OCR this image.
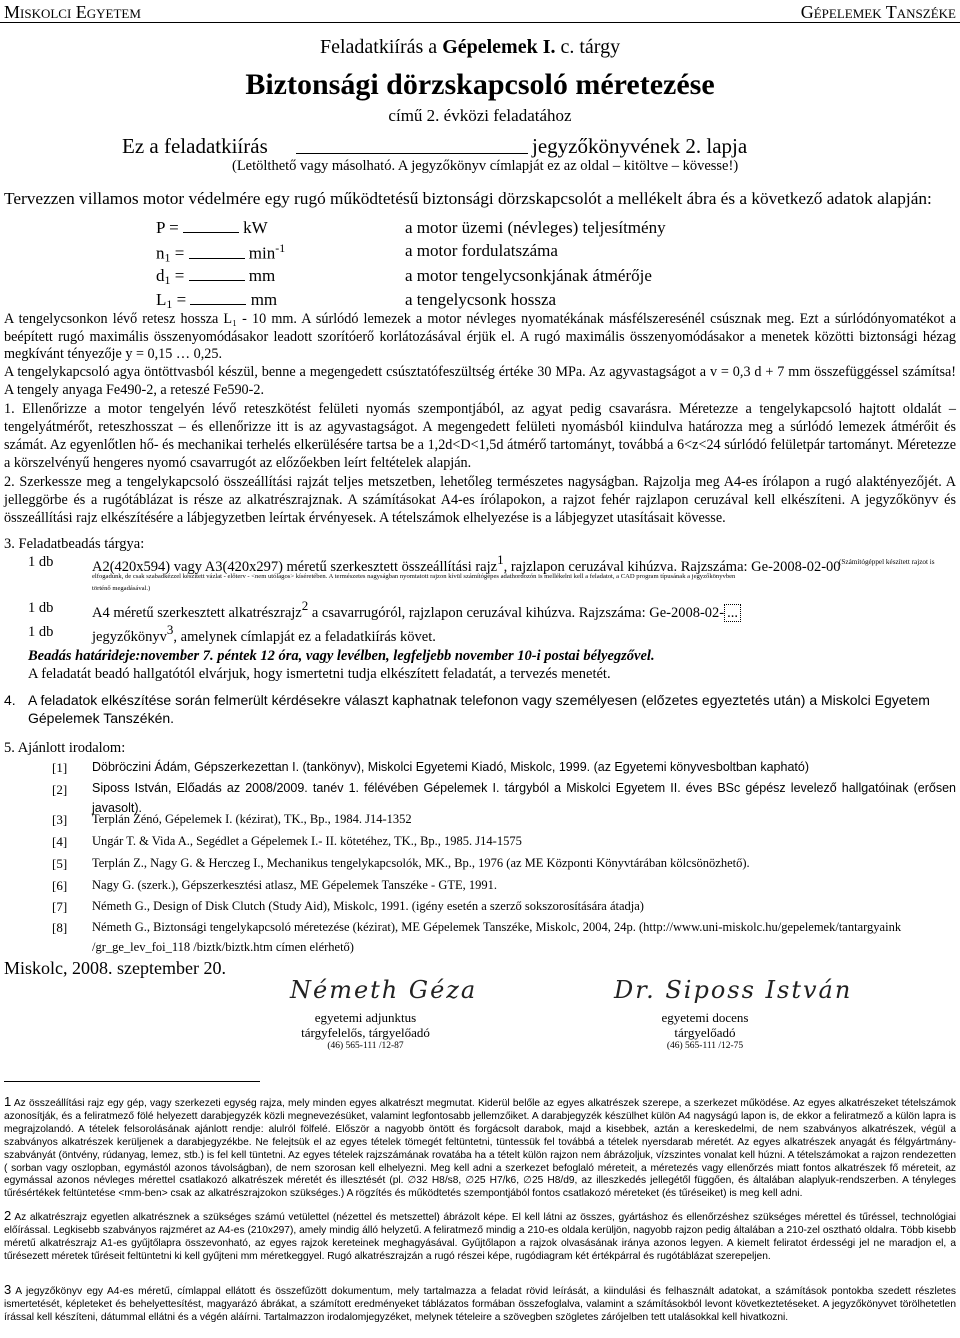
Miskolci Egyetem	Gépelemek Tanszéke
Feladatkiírás a Gépelemek I. c. tárgy
Biztonsági dörzskapcsoló méretezése
című 2. évközi feladatához
Ez a feladatkiírás	jegyzőkönyvének 2. lapja
(Letölthető vagy másolható. A jegyzőkönyv címlapját ez az oldal – kitöltve – kövesse!)
Tervezzen villamos motor védelmére egy rugó működtetésű biztonsági dörzskapcsolót a mellékelt ábra és a következő adatok alapján:
P =	kW	a motor üzemi (névleges) teljesítmény
$n_1$ =	$\min^{-1}$	a motor fordulatszáma
$d_1$ =	mm	a motor tengelycsonkjának átmérője
$L_1$ =	mm	a tengelycsonk hossza
A tengelycsonkon lévő retesz hossza L₁ - 10 mm. A súrlódó lemezek a motor névleges nyomatékának másfélszeresénél csúsznak meg. Ezt a súrlódónyomatékot a
beépített rugó maximális összenyomódásakor leadott szorítóerő korlátozásával érjük el. A rugó maximális összenyomódásakor a menetek közötti biztonsági hézag
megkívánt tényezője y = 0,15 … 0,25.
A tengelykapcsoló agya öntöttvasból készül, benne a megengedett csúsztatófeszültség értéke 30 MPa. Az agyvastagságot a v = 0,3 d + 7 mm összefüggéssel számítsa!
A tengely anyaga Fe490-2, a reteszé Fe590-2.
1. Ellenőrizze a motor tengelyén lévő reteszkötést felületi nyomás szempontjából, az agyat pedig csavarásra. Méretezze a tengelykapcsoló hajtott oldalát –
tengelyátmérőt, reteszhosszat – és ellenőrizze itt is az agyvastagságot. A megengedett felületi nyomásból kiindulva határozza meg a súrlódó lemezek átmérőit és
számát. Az egyenlőtlen hő- és mechanikai terhelés elkerülésére tartsa be a 1,2d<D<1,5d átmérő tartományt, továbbá a 6<z<24 súrlódó felületpár tartományt. Méretezze
a körszelvényű hengeres nyomó csavarrugót az előzőekben leírt feltételek alapján.
2. Szerkessze meg a tengelykapcsoló összeállítási rajzát teljes metszetben, lehetőleg természetes nagyságban. Rajzolja meg A4-es írólapon a rugó alaktényezőjét. A
jelleggörbe és a rugótáblázat is része az alkatrészrajznak. A számításokat A4-es írólapokon, a rajzot fehér rajzlapon ceruzával kell elkészíteni. A jegyzőkönyv és
összeállítási rajz elkészítésére a lábjegyzetben leírtak érvényesek. A tételszámok elhelyezése is a lábjegyzet utasításait kövesse.
3. Feladatbeadás tárgya:
1 db	A2(420x594) vagy A3(420x297) méretű szerkesztett összeállítási rajz1, rajzlapon ceruzával kihúzva. Rajzszáma: Ge-2008-02-00
(Számítógéppel készített rajzot is
elfogadunk, de csak szabadkézzel készített vázlat - előterv - <nem utólagos> kíséretében. A természetes nagyságban nyomtatott rajzon kívül számítógépes adathordozón is mellékelni kell a feladatot, a CAD program típusának a jegyzőkönyvben
történő megadásával.)
1 db	A4 méretű szerkesztett alkatrészrajz2 a csavarrugóról, rajzlapon ceruzával kihúzva. Rajzszáma: Ge-2008-02- ...
1 db	jegyzőkönyv3, amelynek címlapját ez a feladatkiírás követ.
Beadás határideje:november 7. péntek 12 óra, vagy levélben, legfeljebb november 10-i postai bélyegzővel.
A feladatát beadó hallgatótól elvárjuk, hogy ismertetni tudja elkészített feladatát, a tervezés menetét.
4. A feladatok elkészítése során felmerült kérdésekre választ kaphatnak telefonon vagy személyesen (előzetes egyeztetés után) a Miskolci Egyetem
Gépelemek Tanszékén.
5. Ajánlott irodalom:
[1] Döbröczini Ádám, Gépszerkezettan I. (tankönyv), Miskolci Egyetemi Kiadó, Miskolc, 1999. (az Egyetemi könyvesboltban kapható)
[2] Siposs István, Előadás az 2008/2009. tanév 1. félévében Gépelemek I. tárgyból a Miskolci Egyetem II. éves BSc gépész levelező hallgatóinak (erősen
javasolt).
[3] Terplán Zénó, Gépelemek I. (kézirat), TK., Bp., 1984. J14-1352
[4] Ungár T. & Vida A., Segédlet a Gépelemek I.- II. kötetéhez, TK., Bp., 1985. J14-1575
[5] Terplán Z., Nagy G. & Herczeg I., Mechanikus tengelykapcsolók, MK., Bp., 1976 (az ME Központi Könyvtárában kölcsönözhető).
[6] Nagy G. (szerk.), Gépszerkesztési atlasz, ME Gépelemek Tanszéke - GTE, 1991.
[7] Németh G., Design of Disk Clutch (Study Aid), Miskolc, 1991. (igény esetén a szerző sokszorosítására átadja)
[8] Németh G., Biztonsági tengelykapcsoló méretezése (kézirat), ME Gépelemek Tanszéke, Miskolc, 2004, 24p. (http://www.uni-miskolc.hu/gepelemek/tantargyaink
/gr_ge_lev_foi_118 /biztk/biztk.htm címen elérhető)
Miskolc, 2008. szeptember 20.
Németh Géza
egyetemi adjunktus
tárgyfelelős, tárgyelőadó
(46) 565-111 /12-87
Dr. Siposs István
egyetemi docens
tárgyelőadó
(46) 565-111 /12-75
1 Az összeállítási rajz egy gép, vagy szerkezeti egység rajza, mely minden egyes alkatrészt megmutat. Kiderül belőle az egyes alkatrészek szerepe, a szerkezet működése. Az egyes alkatrészeket tételszámok azonosítják, és a feliratmező fölé helyezett darabjegyzék közli megnevezésüket, valamint legfontosabb jellemzőiket. A darabjegyzék készülhet külön A4 nagyságú lapon is, de ekkor a feliratmező a külön lapra is megrajzolandó. A tételek felsorolásának ajánlott rendje: alulról fölfelé. Először a nagyobb öntött és forgácsolt darabok, majd a kisebbek, aztán a kereskedelmi, de nem szabványos alkatrészek, végül a szabványos alkatrészek kerüljenek a darabjegyzékbe. Ne felejtsük el az egyes tételek tömegét feltüntetni, tüntessük fel továbbá a tételek nyersdarab méretét. Az egyes alkatrészek anyagát és félgyártmány-szabványát (öntvény, rúdanyag, lemez, stb.) is fel kell tüntetni. Az egyes tételek rajzszámának rovatába ha a tételt külön rajzon nem ábrázoljuk, vízszintes vonalat kell húzni. A tételszámokat a rajzon rendezetten ( sorban vagy oszlopban, egymástól azonos távolságban), de nem szorosan kell elhelyezni. Meg kell adni a szerkezet befoglaló méreteit, a méretezés vagy ellenőrzés miatt fontos alkatrészek fő méreteit, az egymással azonos névleges mérettel csatlakozó alkatrészek méretét és illesztését (pl. ∅32 H8/s8, ∅25 H7/k6, ∅25 H8/d9, az illeszkedés jellegétől függően, és általában alaplyuk-rendszerben. A tényleges tűrésértékek feltüntetése <mm-ben> csak az alkatrészrajzokon szükséges.) A rögzítés és működtetés szempontjából fontos csatlakozó méreteket (és tűréseiket) is meg kell adni.
2 Az alkatrészrajz egyetlen alkatrésznek a szükséges számú vetülettel (nézettel és metszettel) ábrázolt képe. El kell látni az összes, gyártáshoz és ellenőrzéshez szükséges mérettel és tűréssel, technológiai előírással. Legkisebb szabványos rajzméret az A4-es (210x297), amely mindig álló helyzetű. A feliratmező mindig a 210-es oldala kerüljön, nagyobb rajzon pedig általában a 210-zel osztható oldalra. Több kisebb méretű alkatrészrajz A1-es gyűjtőlapra összevonható, az egyes rajzok kereteinek meghagyásával. Gyűjtőlapon a rajzok olvasásának iránya azonos legyen. A kiemelt feliratot érdességi jel ne maradjon el, a tűrésezett méretek tűréseit feltüntetni ki kell gyűjteni mm méretkeggyel. Rugó alkatrészrajzán a rugó részei képe, rugódiagram két értékpárral és rugótáblázat szerepeljen.
3 A jegyzőkönyv egy A4-es méretű, címlappal ellátott és összefűzött dokumentum, mely tartalmazza a feladat rövid leírását, a kiindulási és felhasznált adatokat, a számítások pontokba szedett részletes ismertetését, képleteket és behelyettesítést, magyarázó ábrákat, a számított eredményeket táblázatos formában összefoglalva, valamint a számításokból levont következtetéseket. A jegyzőkönyvet törölhetetlen írással kell készíteni, dátummal ellátni és a végén aláírni. Tartalmazzon irodalomjegyzéket, melynek tételeire a szövegben szögletes zárójelben tett utalásokkal kell hivatkozni.
